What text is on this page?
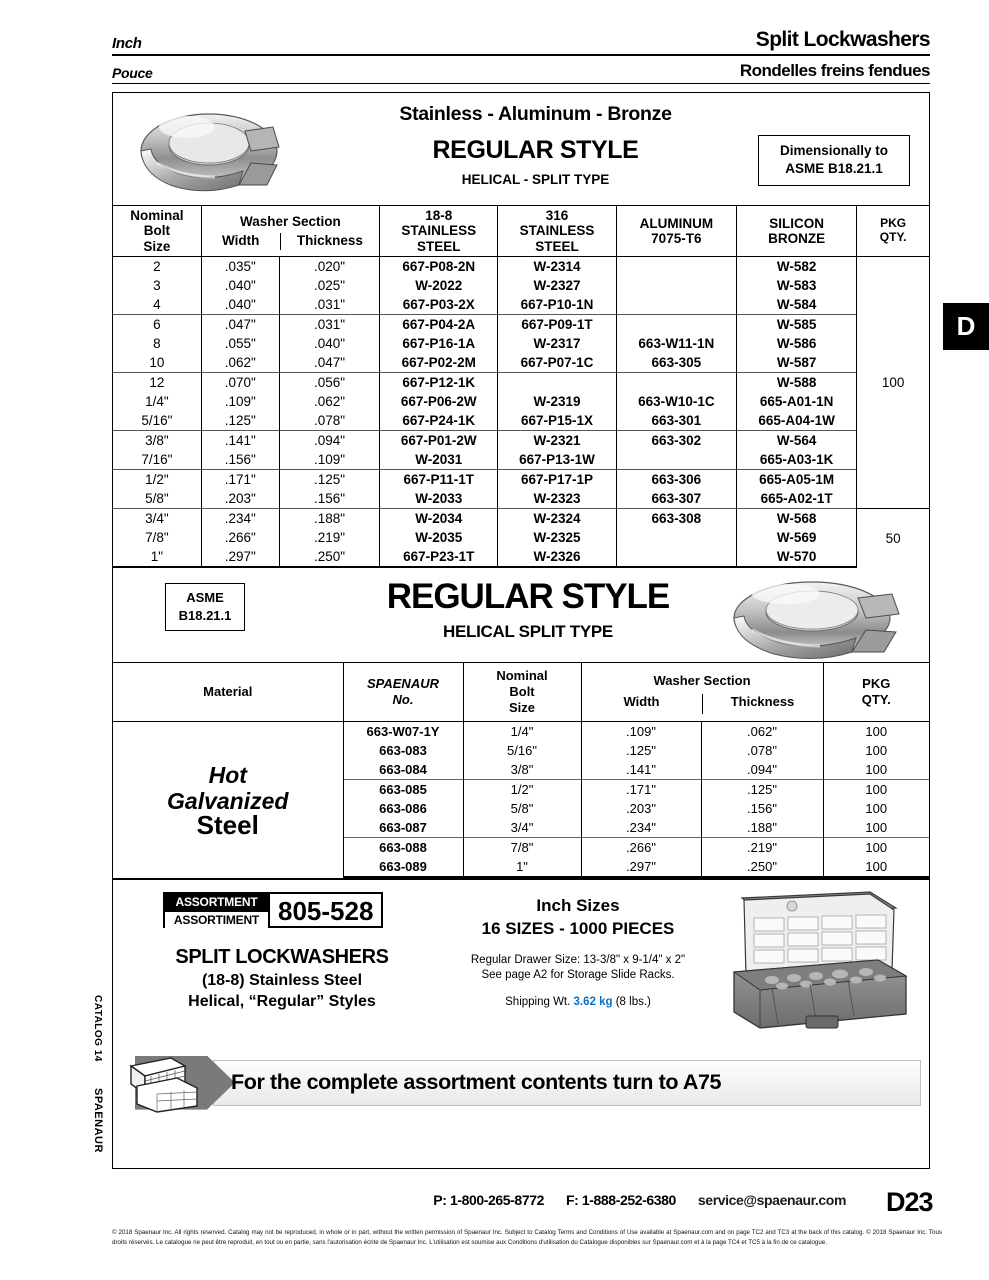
Inch	Split Lockwashers
Pouce	Rondelles freins fendues
D
CATALOG 14
SPAENAUR
Stainless - Aluminum - Bronze
REGULAR STYLE
HELICAL - SPLIT TYPE
Dimensionally to
ASME B18.21.1
Nominal
Bolt
Size

Washer Section
Width	Thickness

18-8
STAINLESS
STEEL

316
STAINLESS
STEEL

ALUMINUM
7075-T6

SILICON
BRONZE

PKG
QTY.

2	.035"	.020"	667-P08-2N	W-2314		W-582	100
3	.040"	.025"	W-2022	W-2327		W-583	
4	.040"	.031"	667-P03-2X	667-P10-1N		W-584	
6	.047"	.031"	667-P04-2A	667-P09-1T		W-585	
8	.055"	.040"	667-P16-1A	W-2317	663-W11-1N	W-586	
10	.062"	.047"	667-P02-2M	667-P07-1C	663-305	W-587	
12	.070"	.056"	667-P12-1K			W-588	
1/4"	.109"	.062"	667-P06-2W	W-2319	663-W10-1C	665-A01-1N	
5/16"	.125"	.078"	667-P24-1K	667-P15-1X	663-301	665-A04-1W	
3/8"	.141"	.094"	667-P01-2W	W-2321	663-302	W-564	
7/16"	.156"	.109"	W-2031	667-P13-1W		665-A03-1K	
1/2"	.171"	.125"	667-P11-1T	667-P17-1P	663-306	665-A05-1M	
5/8"	.203"	.156"	W-2033	W-2323	663-307	665-A02-1T	
3/4"	.234"	.188"	W-2034	W-2324	663-308	W-568	50
7/8"	.266"	.219"	W-2035	W-2325		W-569	
1"	.297"	.250"	667-P23-1T	W-2326		W-570	
ASME
B18.21.1	REGULAR STYLE
HELICAL SPLIT TYPE
Material	
SPAENAUR
No.

Nominal
Bolt
Size

Washer Section
Width	Thickness

PKG
QTY.

Hot
Galvanized
Steel	663-W07-1Y	1/4"	.109"	.062"	100
	663-083	5/16"	.125"	.078"	100
	663-084	3/8"	.141"	.094"	100
	663-085	1/2"	.171"	.125"	100
	663-086	5/8"	.203"	.156"	100
	663-087	3/4"	.234"	.188"	100
	663-088	7/8"	.266"	.219"	100
	663-089	1"	.297"	.250"	100
ASSORTMENT
ASSORTIMENT 805-528
SPLIT LOCKWASHERS
(18-8) Stainless Steel
Helical, “Regular” Styles
Inch Sizes
16 SIZES - 1000 PIECES
Regular Drawer Size: 13-3/8" x 9-1/4" x 2"
See page A2 for Storage Slide Racks.
Shipping Wt. 3.62 kg (8 lbs.)
For the complete assortment contents turn to A75
P: 1-800-265-8772 F: 1-888-252-6380 service@spaenaur.com D23
© 2018 Spaenaur Inc. All rights reserved. Catalog may not be reproduced, in whole or in part, without the written permission of Spaenaur Inc. Subject to Catalog Terms and Conditions of Use available at Spaenaur.com and on page TC2 and TC3 at the back of this catalog. © 2018 Spaenaur Inc. Tous droits réservés. Le catalogue ne peut être reproduit, en tout ou en partie, sans l'autorisation écrite de Spaenaur Inc. L'utilisation est soumise aux Conditions d'utilisation du Catalogue disponibles sur Spaenaur.com et à la page TC4 et TC5 à la fin de ce catalogue.
